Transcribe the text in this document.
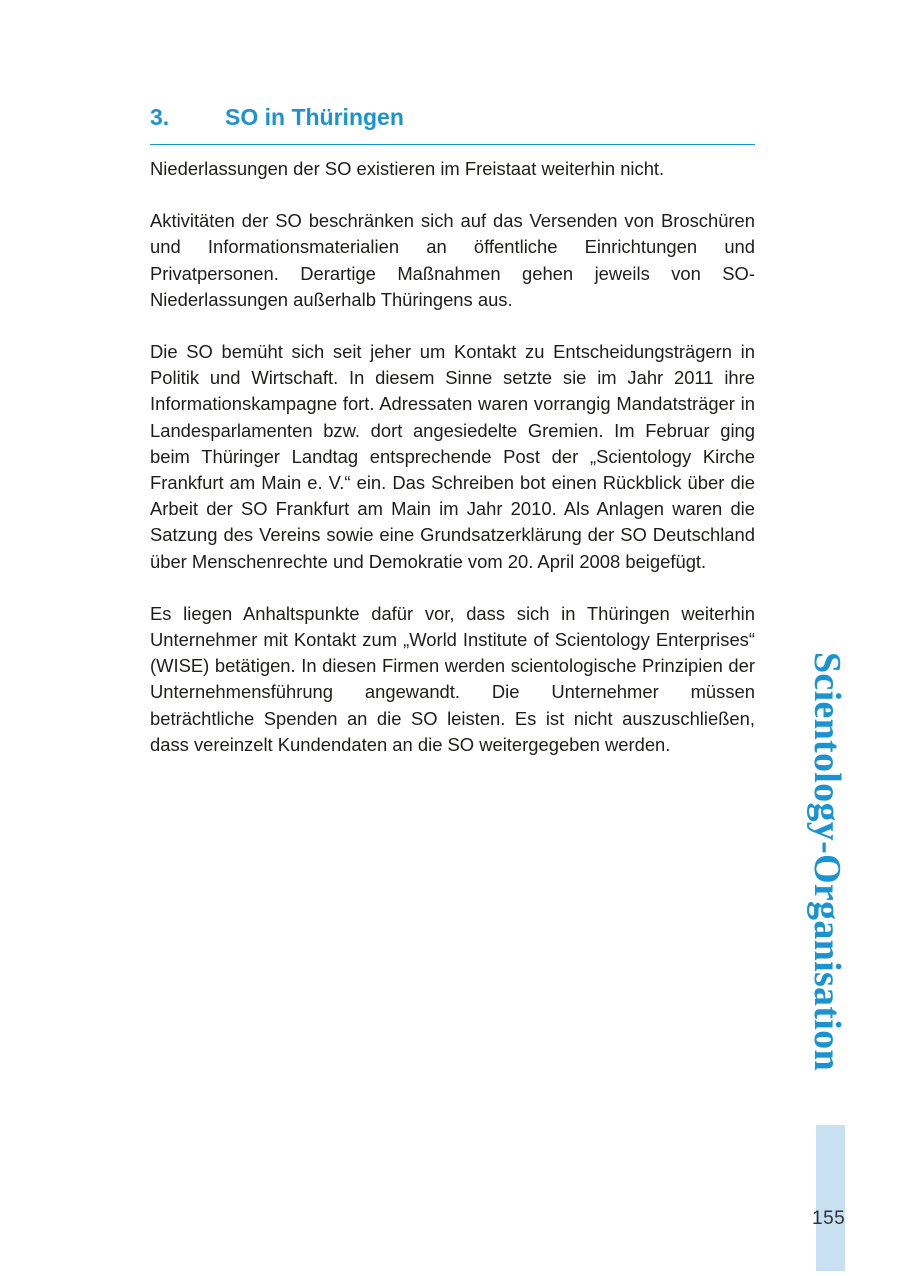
3. SO in Thüringen

Niederlassungen der SO existieren im Freistaat weiterhin nicht.

Aktivitäten der SO beschränken sich auf das Versenden von Broschüren und Informationsmaterialien an öffentliche Einrichtungen und Privatpersonen. Derartige Maßnahmen gehen jeweils von SO-Niederlassungen außerhalb Thüringens aus.

Die SO bemüht sich seit jeher um Kontakt zu Entscheidungsträgern in Politik und Wirtschaft. In diesem Sinne setzte sie im Jahr 2011 ihre Informationskampagne fort. Adressaten waren vorrangig Mandatsträger in Landesparlamenten bzw. dort angesiedelte Gremien. Im Februar ging beim Thüringer Landtag entsprechende Post der „Scientology Kirche Frankfurt am Main e. V.“ ein. Das Schreiben bot einen Rückblick über die Arbeit der SO Frankfurt am Main im Jahr 2010. Als Anlagen waren die Satzung des Vereins sowie eine Grundsatzerklärung der SO Deutschland über Menschenrechte und Demokratie vom 20. April 2008 beigefügt.

Es liegen Anhaltspunkte dafür vor, dass sich in Thüringen weiterhin Unternehmer mit Kontakt zum „World Institute of Scientology Enterprises“ (WISE) betätigen. In diesen Firmen werden scientologische Prinzipien der Unternehmensführung angewandt. Die Unternehmer müssen beträchtliche Spenden an die SO leisten. Es ist nicht auszuschließen, dass vereinzelt Kundendaten an die SO weitergegeben werden.	Scientology-Organisation
155
